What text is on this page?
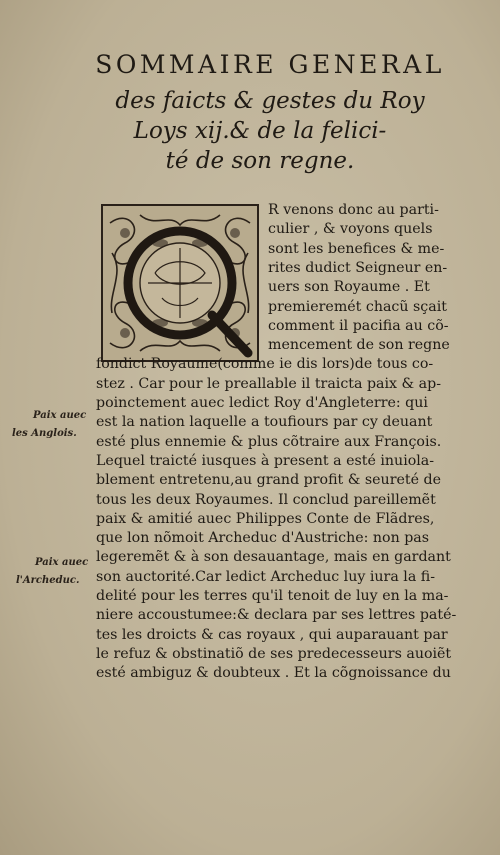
SOMMAIRE GENERAL
des faicts & gestes du Roy
Loys xij.& de la felici-
té de son regne.
R venons donc au parti-
culier , & voyons quels
sont les benefices & me-
rites dudict Seigneur en-
uers son Royaume . Et
premieremét chacũ sçait
comment il pacifia au cõ-
mencement de son regne
fondict Royaume(comme ie dis lors)de tous co-
stez . Car pour le preallable il traicta paix & ap-
poinctement auec ledict Roy d'Angleterre: qui
est la nation laquelle a toufiours par cy deuant
esté plus ennemie & plus cõtraire aux François.
Lequel traicté iusques à present a esté inuiola-
blement entretenu,au grand profit & seureté de
tous les deux Royaumes. Il conclud pareillemẽt
paix & amitié auec Philippes Conte de Flãdres,
que lon nõmoit Archeduc d'Austriche: non pas
legeremẽt & à son desauantage, mais en gardant
son auctorité.Car ledict Archeduc luy iura la fi-
delité pour les terres qu'il tenoit de luy en la ma-
niere accoustumee:& declara par ses lettres paté-
tes les droicts & cas royaux , qui auparauant par
le refuz & obstinatiõ de ses predecesseurs auoiẽt
esté ambiguz & doubteux . Et la cõgnoissance du
Paix auec
les Anglois.
Paix auec
l'Archeduc.
